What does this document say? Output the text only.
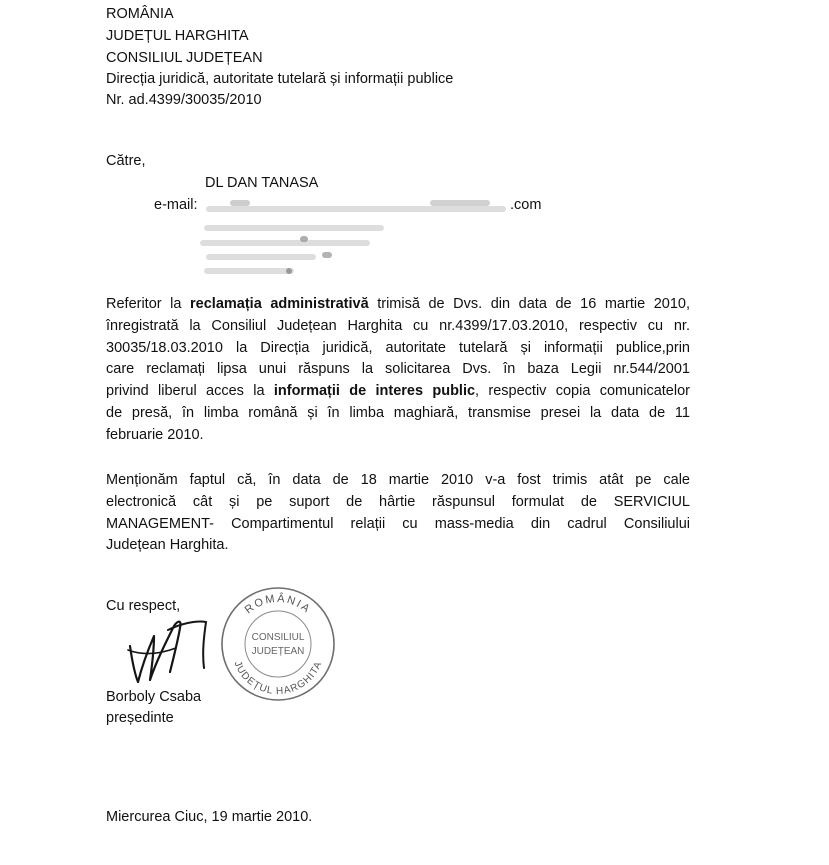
ROMÂNIA
JUDEȚUL HARGHITA
CONSILIUL JUDEȚEAN
Direcția juridică, autoritate tutelară și informații publice
Nr. ad.4399/30035/2010
Către,
DL DAN TANASA
e-mail:	.com
Referitor la reclamația administrativă trimisă de Dvs. din data de 16 martie 2010,
înregistrată la Consiliul Județean Harghita cu nr.4399/17.03.2010, respectiv cu nr.
30035/18.03.2010 la Direcția juridică, autoritate tutelară și informații publice,prin
care reclamați lipsa unui răspuns la solicitarea Dvs. în baza Legii nr.544/2001
privind liberul acces la informații de interes public, respectiv copia comunicatelor
de presă, în limba română și în limba maghiară, transmise presei la data de 11
februarie 2010.
Menționăm faptul că, în data de 18 martie 2010 v-a fost trimis atât pe cale
electronică cât și pe suport de hârtie răspunsul formulat de SERVICIUL
MANAGEMENT- Compartimentul relații cu mass-media din cadrul Consiliului
Județean Harghita.
Cu respect,	ROMÂNIA
JUDEȚUL HARGHITA
CONSILIUL
JUDEȚEAN
Borboly Csaba
președinte
Miercurea Ciuc, 19 martie 2010.
